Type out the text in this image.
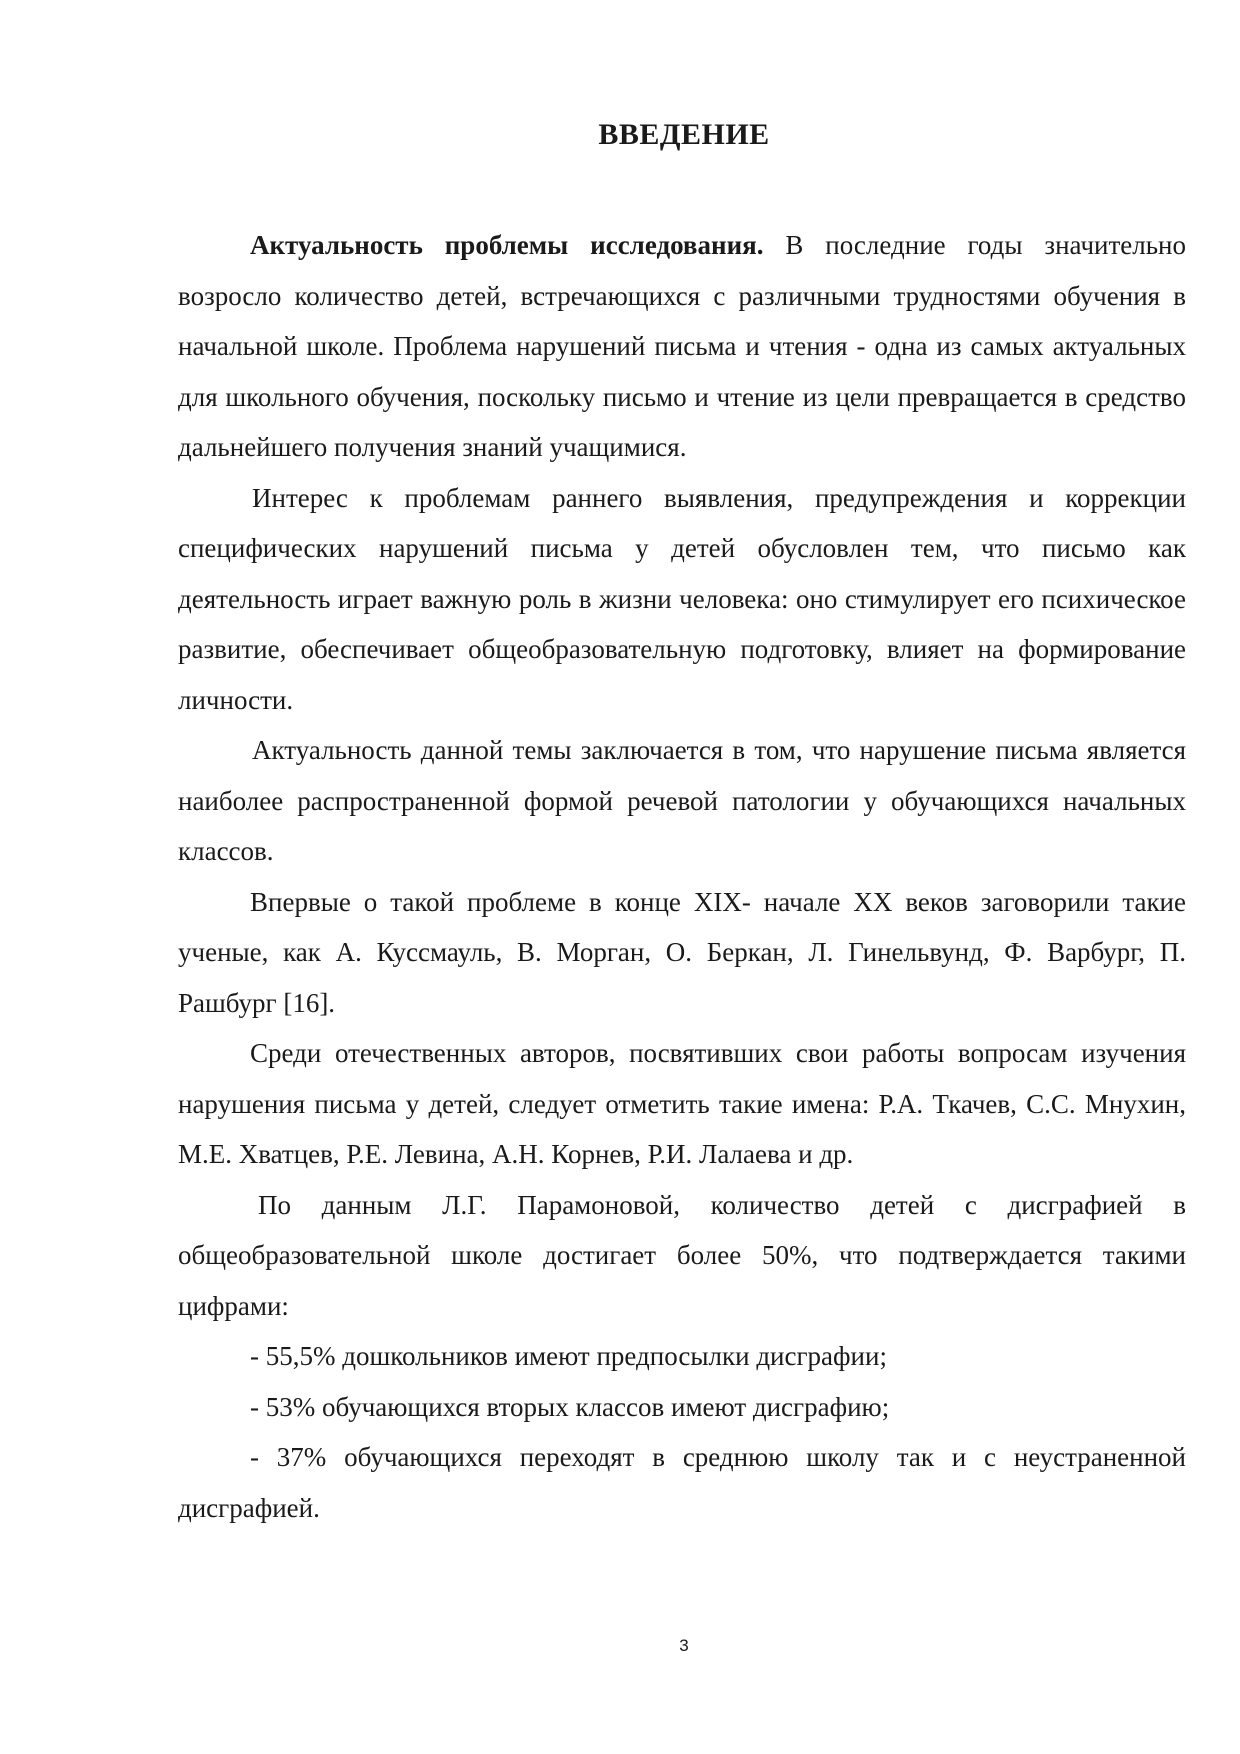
ВВЕДЕНИЕ

Актуальность проблемы исследования. В последние годы значительно возросло количество детей, встречающихся с различными трудностями обучения в начальной школе. Проблема нарушений письма и чтения - одна из самых актуальных для школьного обучения, поскольку письмо и чтение из цели превращается в средство дальнейшего получения знаний учащимися.

Интерес к проблемам раннего выявления, предупреждения и коррекции специфических нарушений письма у детей обусловлен тем, что письмо как деятельность играет важную роль в жизни человека: оно стимулирует его психическое развитие, обеспечивает общеобразовательную подготовку, влияет на формирование личности.

Актуальность данной темы заключается в том, что нарушение письма является наиболее распространенной формой речевой патологии у обучающихся начальных классов.

Впервые о такой проблеме в конце XIX- начале XX веков заговорили такие ученые, как А. Куссмауль, В. Морган, О. Беркан, Л. Гинельвунд, Ф. Варбург, П. Рашбург [16].

Среди отечественных авторов, посвятивших свои работы вопросам изучения нарушения письма у детей, следует отметить такие имена: Р.А. Ткачев, С.С. Мнухин, М.Е. Хватцев, Р.Е. Левина, А.Н. Корнев, Р.И. Лалаева и др.

По данным Л.Г. Парамоновой, количество детей с дисграфией в общеобразовательной школе достигает более 50%, что подтверждается такими цифрами:

- 55,5% дошкольников имеют предпосылки дисграфии;

- 53% обучающихся вторых классов имеют дисграфию;

- 37% обучающихся переходят в среднюю школу так и с неустраненной дисграфией.

3
